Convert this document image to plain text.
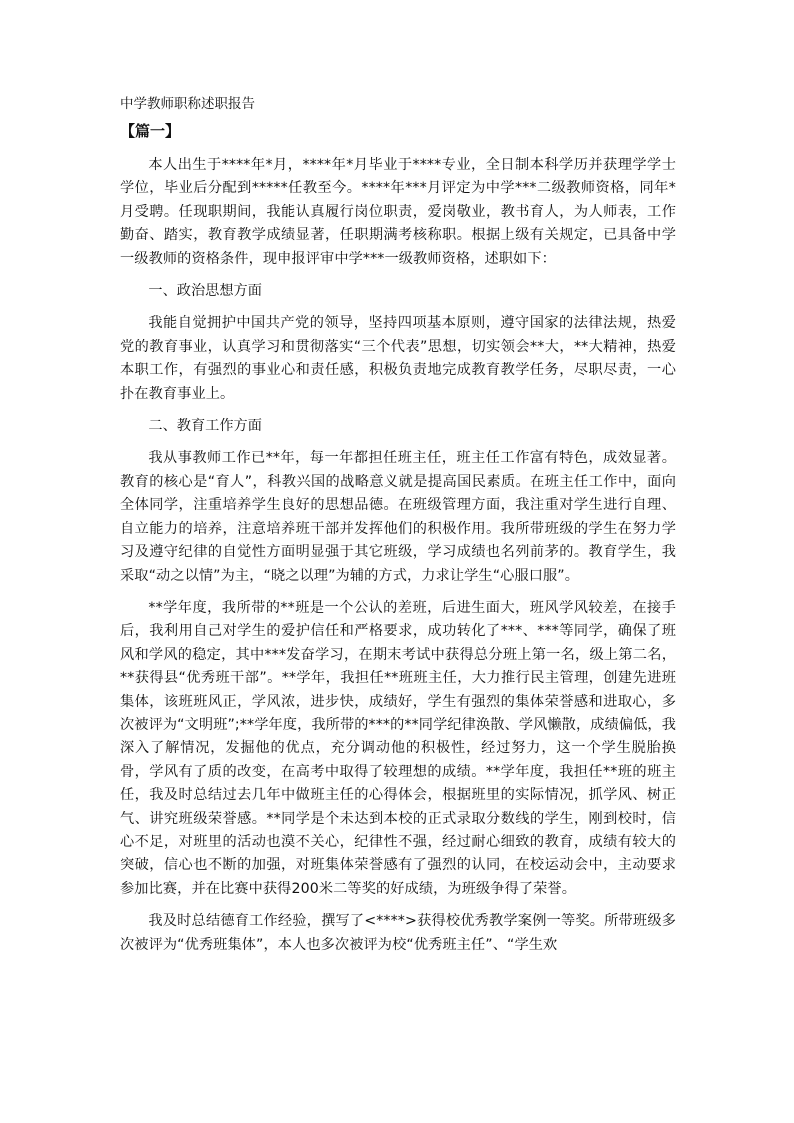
中学教师职称述职报告
【篇一】

本人出生于****年*月，****年*月毕业于****专业，全日制本科学历并获理学学士学位，毕业后分配到*****任教至今。****年***月评定为中学***二级教师资格，同年*月受聘。任现职期间，我能认真履行岗位职责，爱岗敬业，教书育人，为人师表，工作勤奋、踏实，教育教学成绩显著，任职期满考核称职。根据上级有关规定，已具备中学一级教师的资格条件，现申报评审中学***一级教师资格，述职如下：

一、政治思想方面

我能自觉拥护中国共产党的领导，坚持四项基本原则，遵守国家的法律法规，热爱党的教育事业，认真学习和贯彻落实“三个代表”思想，切实领会**大，**大精神，热爱本职工作，有强烈的事业心和责任感，积极负责地完成教育教学任务，尽职尽责，一心扑在教育事业上。

二、教育工作方面

我从事教师工作已**年，每一年都担任班主任，班主任工作富有特色，成效显著。教育的核心是“育人”，科教兴国的战略意义就是提高国民素质。在班主任工作中，面向全体同学，注重培养学生良好的思想品德。在班级管理方面，我注重对学生进行自理、自立能力的培养，注意培养班干部并发挥他们的积极作用。我所带班级的学生在努力学习及遵守纪律的自觉性方面明显强于其它班级，学习成绩也名列前茅的。教育学生，我采取“动之以情”为主，“晓之以理”为辅的方式，力求让学生“心服口服”。

**学年度，我所带的**班是一个公认的差班，后进生面大，班风学风较差，在接手后，我利用自己对学生的爱护信任和严格要求，成功转化了***、***等同学，确保了班风和学风的稳定，其中***发奋学习，在期末考试中获得总分班上第一名，级上第二名，**获得县“优秀班干部”。**学年，我担任**班班主任，大力推行民主管理，创建先进班集体，该班班风正，学风浓，进步快，成绩好，学生有强烈的集体荣誉感和进取心，多次被评为“文明班”;**学年度，我所带的***的**同学纪律涣散、学风懒散，成绩偏低，我深入了解情况，发掘他的优点，充分调动他的积极性，经过努力，这一个学生脱胎换骨，学风有了质的改变，在高考中取得了较理想的成绩。**学年度，我担任**班的班主任，我及时总结过去几年中做班主任的心得体会，根据班里的实际情况，抓学风、树正气、讲究班级荣誉感。**同学是个未达到本校的正式录取分数线的学生，刚到校时，信心不足，对班里的活动也漠不关心，纪律性不强，经过耐心细致的教育，成绩有较大的突破，信心也不断的加强，对班集体荣誉感有了强烈的认同，在校运动会中，主动要求参加比赛，并在比赛中获得200米二等奖的好成绩，为班级争得了荣誉。

我及时总结德育工作经验，撰写了<****>获得校优秀教学案例一等奖。所带班级多次被评为“优秀班集体”，本人也多次被评为校“优秀班主任”、“学生欢
